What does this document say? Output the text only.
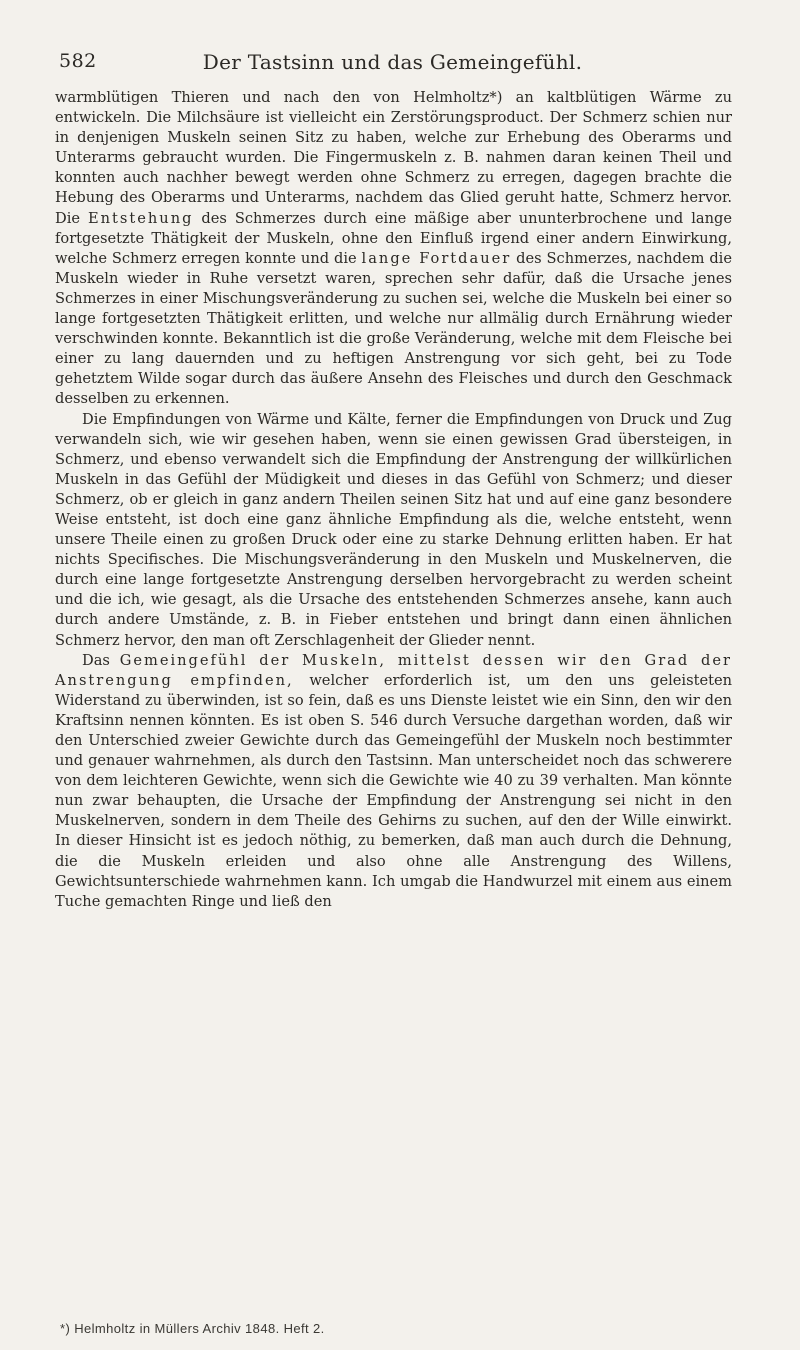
582	Der Tastsinn und das Gemeingefühl.

warmblütigen Thieren und nach den von Helmholtz*) an kaltblütigen Wärme zu entwickeln. Die Milchsäure ist vielleicht ein Zerstörungsproduct. Der Schmerz schien nur in denjenigen Muskeln seinen Sitz zu haben, welche zur Erhebung des Oberarms und Unterarms gebraucht wurden. Die Fingermuskeln z. B. nahmen daran keinen Theil und konnten auch nachher bewegt werden ohne Schmerz zu erregen, dagegen brachte die Hebung des Oberarms und Unterarms, nachdem das Glied geruht hatte, Schmerz hervor. Die Entstehung des Schmerzes durch eine mäßige aber ununterbrochene und lange fortgesetzte Thätigkeit der Muskeln, ohne den Einfluß irgend einer andern Einwirkung, welche Schmerz erregen konnte und die lange Fortdauer des Schmerzes, nachdem die Muskeln wieder in Ruhe versetzt waren, sprechen sehr dafür, daß die Ursache jenes Schmerzes in einer Mischungsveränderung zu suchen sei, welche die Muskeln bei einer so lange fortgesetzten Thätigkeit erlitten, und welche nur allmälig durch Ernährung wieder verschwinden konnte. Bekanntlich ist die große Veränderung, welche mit dem Fleische bei einer zu lang dauernden und zu heftigen Anstrengung vor sich geht, bei zu Tode gehetztem Wilde sogar durch das äußere Ansehn des Fleisches und durch den Geschmack desselben zu erkennen.

Die Empfindungen von Wärme und Kälte, ferner die Empfindungen von Druck und Zug verwandeln sich, wie wir gesehen haben, wenn sie einen gewissen Grad übersteigen, in Schmerz, und ebenso verwandelt sich die Empfindung der Anstrengung der willkürlichen Muskeln in das Gefühl der Müdigkeit und dieses in das Gefühl von Schmerz; und dieser Schmerz, ob er gleich in ganz andern Theilen seinen Sitz hat und auf eine ganz besondere Weise entsteht, ist doch eine ganz ähnliche Empfindung als die, welche entsteht, wenn unsere Theile einen zu großen Druck oder eine zu starke Dehnung erlitten haben. Er hat nichts Specifisches. Die Mischungsveränderung in den Muskeln und Muskelnerven, die durch eine lange fortgesetzte Anstrengung derselben hervorgebracht zu werden scheint und die ich, wie gesagt, als die Ursache des entstehenden Schmerzes ansehe, kann auch durch andere Umstände, z. B. in Fieber entstehen und bringt dann einen ähnlichen Schmerz hervor, den man oft Zerschlagenheit der Glieder nennt.

Das Gemeingefühl der Muskeln, mittelst dessen wir den Grad der Anstrengung empfinden, welcher erforderlich ist, um den uns geleisteten Widerstand zu überwinden, ist so fein, daß es uns Dienste leistet wie ein Sinn, den wir den Kraftsinn nennen könnten. Es ist oben S. 546 durch Versuche dargethan worden, daß wir den Unterschied zweier Gewichte durch das Gemeingefühl der Muskeln noch bestimmter und genauer wahrnehmen, als durch den Tastsinn. Man unterscheidet noch das schwerere von dem leichteren Gewichte, wenn sich die Gewichte wie 40 zu 39 verhalten. Man könnte nun zwar behaupten, die Ursache der Empfindung der Anstrengung sei nicht in den Muskelnerven, sondern in dem Theile des Gehirns zu suchen, auf den der Wille einwirkt. In dieser Hinsicht ist es jedoch nöthig, zu bemerken, daß man auch durch die Dehnung, die die Muskeln erleiden und also ohne alle Anstrengung des Willens, Gewichtsunterschiede wahrnehmen kann. Ich umgab die Handwurzel mit einem aus einem Tuche gemachten Ringe und ließ den

*) Helmholtz in Müllers Archiv 1848. Heft 2.
